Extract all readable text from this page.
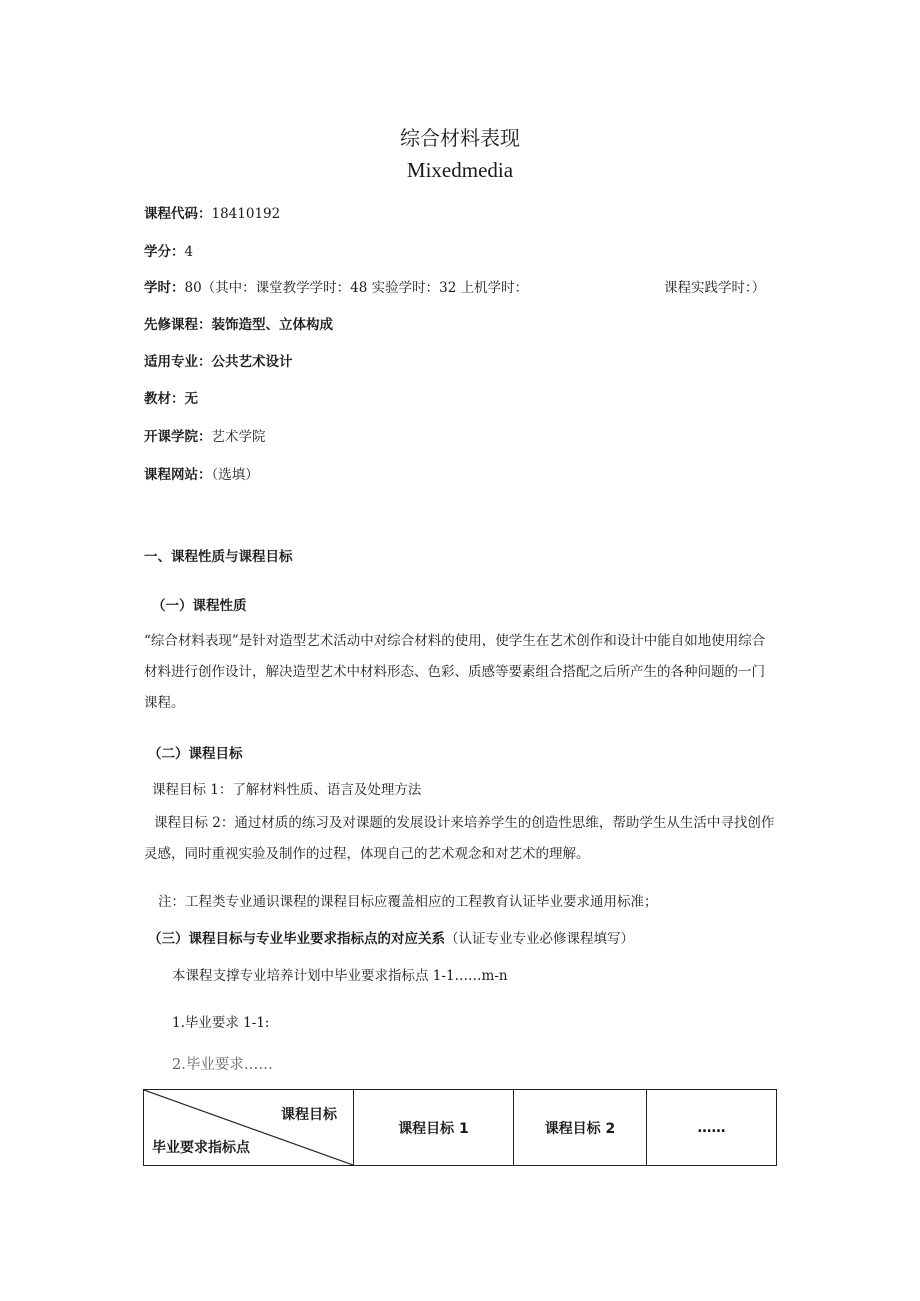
综合材料表现
Mixedmedia
课程代码：18410192
学分：4
学时：80（其中：课堂教学学时：48 实验学时：32 上机学时：	课程实践学时：）
先修课程：装饰造型、立体构成
适用专业：公共艺术设计
教材：无
开课学院：艺术学院
课程网站：（选填）
一、课程性质与课程目标
（一）课程性质
“综合材料表现”是针对造型艺术活动中对综合材料的使用，使学生在艺术创作和设计中能自如地使用综合材料进行创作设计，解决造型艺术中材料形态、色彩、质感等要素组合搭配之后所产生的各种问题的一门课程。
（二）课程目标
课程目标 1：了解材料性质、语言及处理方法
课程目标 2：通过材质的练习及对课题的发展设计来培养学生的创造性思维，帮助学生从生活中寻找创作灵感，同时重视实验及制作的过程，体现自己的艺术观念和对艺术的理解。
注：工程类专业通识课程的课程目标应覆盖相应的工程教育认证毕业要求通用标准；
（三）课程目标与专业毕业要求指标点的对应关系（认证专业专业必修课程填写）
本课程支撑专业培养计划中毕业要求指标点 1-1……m-n
1.毕业要求 1-1:
2.毕业要求……
课程目标
毕业要求指标点
	课程目标 1	课程目标 2	……
